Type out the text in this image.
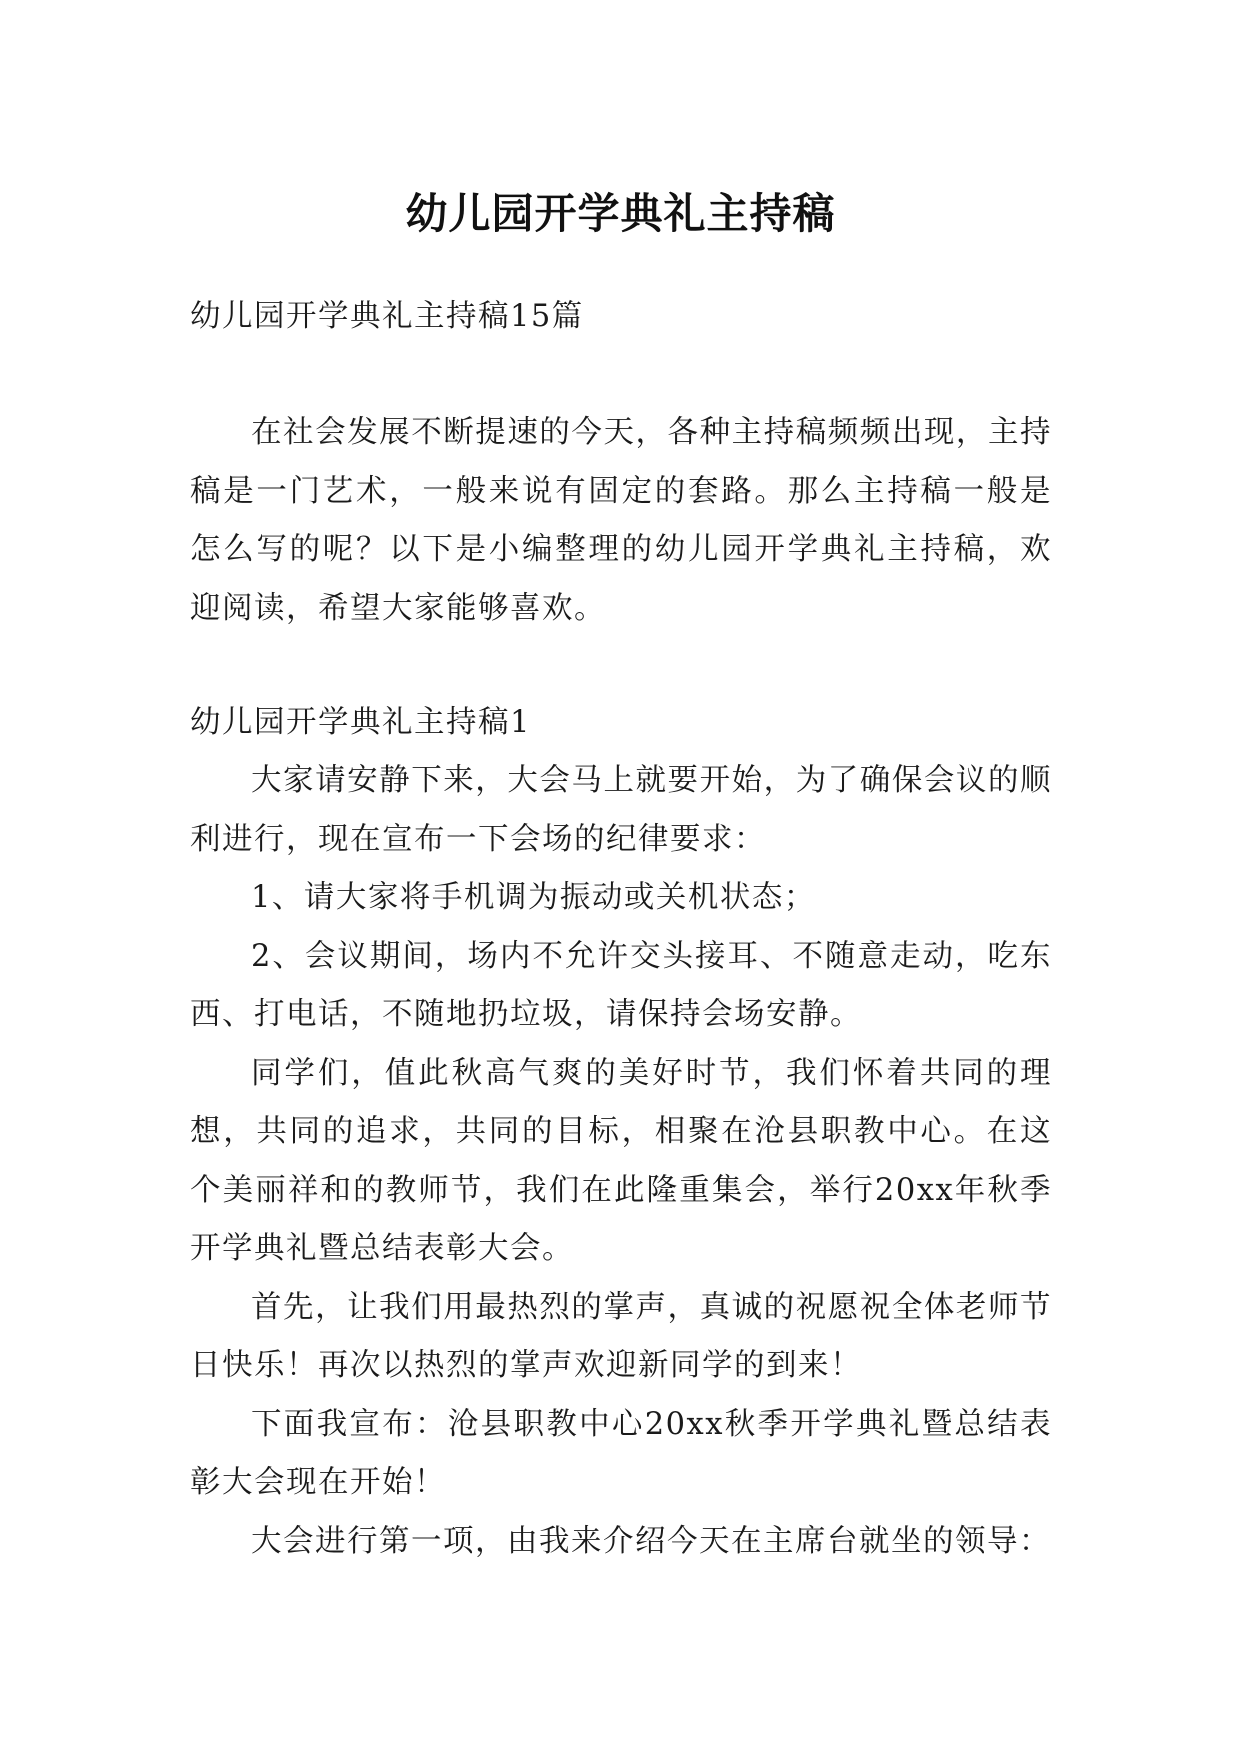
幼儿园开学典礼主持稿

幼儿园开学典礼主持稿15篇

在社会发展不断提速的今天，各种主持稿频频出现，主持稿是一门艺术，一般来说有固定的套路。那么主持稿一般是怎么写的呢？以下是小编整理的幼儿园开学典礼主持稿，欢迎阅读，希望大家能够喜欢。

幼儿园开学典礼主持稿1

大家请安静下来，大会马上就要开始，为了确保会议的顺利进行，现在宣布一下会场的纪律要求：

1、请大家将手机调为振动或关机状态；

2、会议期间，场内不允许交头接耳、不随意走动，吃东西、打电话，不随地扔垃圾，请保持会场安静。

同学们，值此秋高气爽的美好时节，我们怀着共同的理想，共同的追求，共同的目标，相聚在沧县职教中心。在这个美丽祥和的教师节，我们在此隆重集会，举行20xx年秋季开学典礼暨总结表彰大会。

首先，让我们用最热烈的掌声，真诚的祝愿祝全体老师节日快乐！再次以热烈的掌声欢迎新同学的到来！

下面我宣布：沧县职教中心20xx秋季开学典礼暨总结表彰大会现在开始！

大会进行第一项，由我来介绍今天在主席台就坐的领导：
